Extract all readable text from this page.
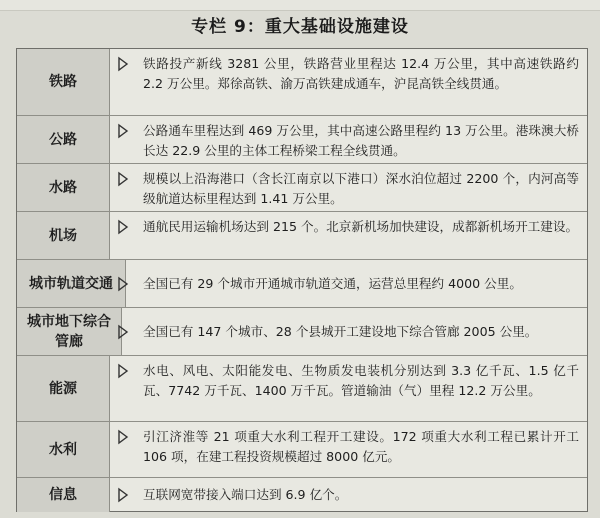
专栏 9：重大基础设施建设
铁路
铁路投产新线 3281 公里，铁路营业里程达 12.4 万公里，其中高速铁路约 2.2 万公里。郑徐高铁、渝万高铁建成通车，沪昆高铁全线贯通。
公路
公路通车里程达到 469 万公里，其中高速公路里程约 13 万公里。港珠澳大桥长达 22.9 公里的主体工程桥梁工程全线贯通。
水路
规模以上沿海港口（含长江南京以下港口）深水泊位超过 2200 个，内河高等级航道达标里程达到 1.41 万公里。
机场
通航民用运输机场达到 215 个。北京新机场加快建设，成都新机场开工建设。
城市轨道交通	全国已有 29 个城市开通城市轨道交通，运营总里程约 4000 公里。
城市地下综合管廊
全国已有 147 个城市、28 个县城开工建设地下综合管廊 2005 公里。
能源
水电、风电、太阳能发电、生物质发电装机分别达到 3.3 亿千瓦、1.5 亿千瓦、7742 万千瓦、1400 万千瓦。管道输油（气）里程 12.2 万公里。
水利
引江济淮等 21 项重大水利工程开工建设。172 项重大水利工程已累计开工 106 项，在建工程投资规模超过 8000 亿元。
信息	互联网宽带接入端口达到 6.9 亿个。
